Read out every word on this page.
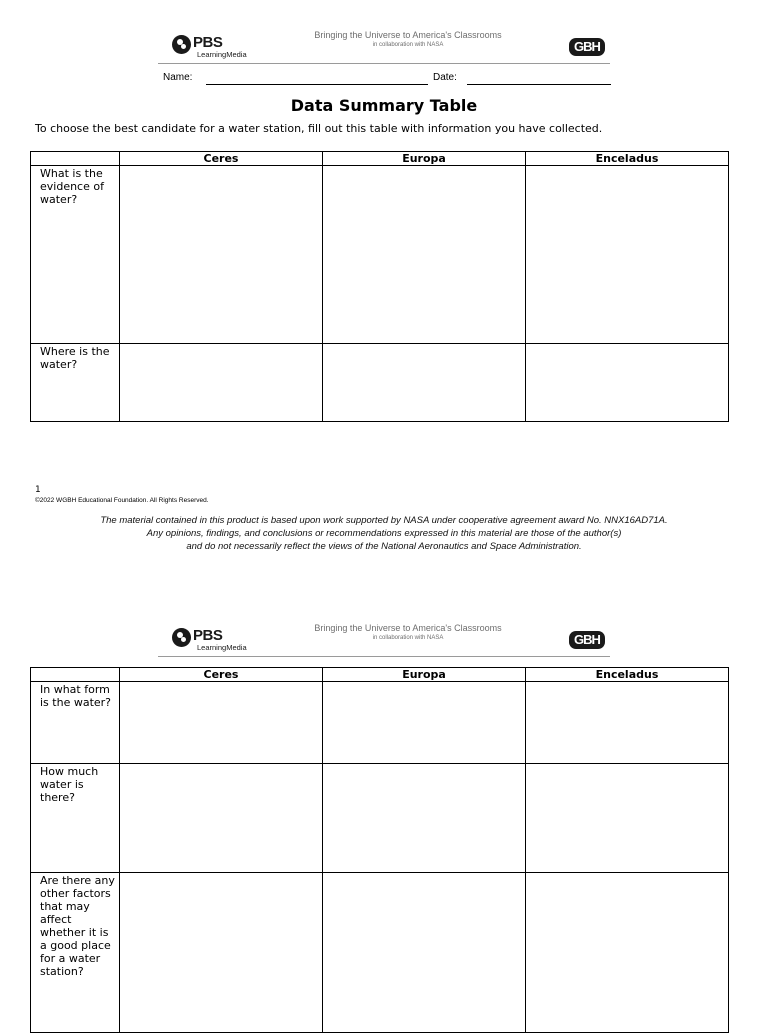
PBS
LearningMedia
Bringing the Universe to America's Classrooms
in collaboration with NASA	GBH
Name:	Date:
Data Summary Table
To choose the best candidate for a water station, fill out this table with information you have collected.
	Ceres	Europa	Enceladus
What is the evidence of water?			
Where is the water?			
1
©2022 WGBH Educational Foundation. All Rights Reserved.
The material contained in this product is based upon work supported by NASA under cooperative agreement award No. NNX16AD71A.
Any opinions, findings, and conclusions or recommendations expressed in this material are those of the author(s)
and do not necessarily reflect the views of the National Aeronautics and Space Administration.
PBS
LearningMedia
Bringing the Universe to America's Classrooms
in collaboration with NASA	GBH
	Ceres	Europa	Enceladus
In what form is the water?			
How much water is there?			
Are there any other factors that may affect whether it is a good place for a water station?			
